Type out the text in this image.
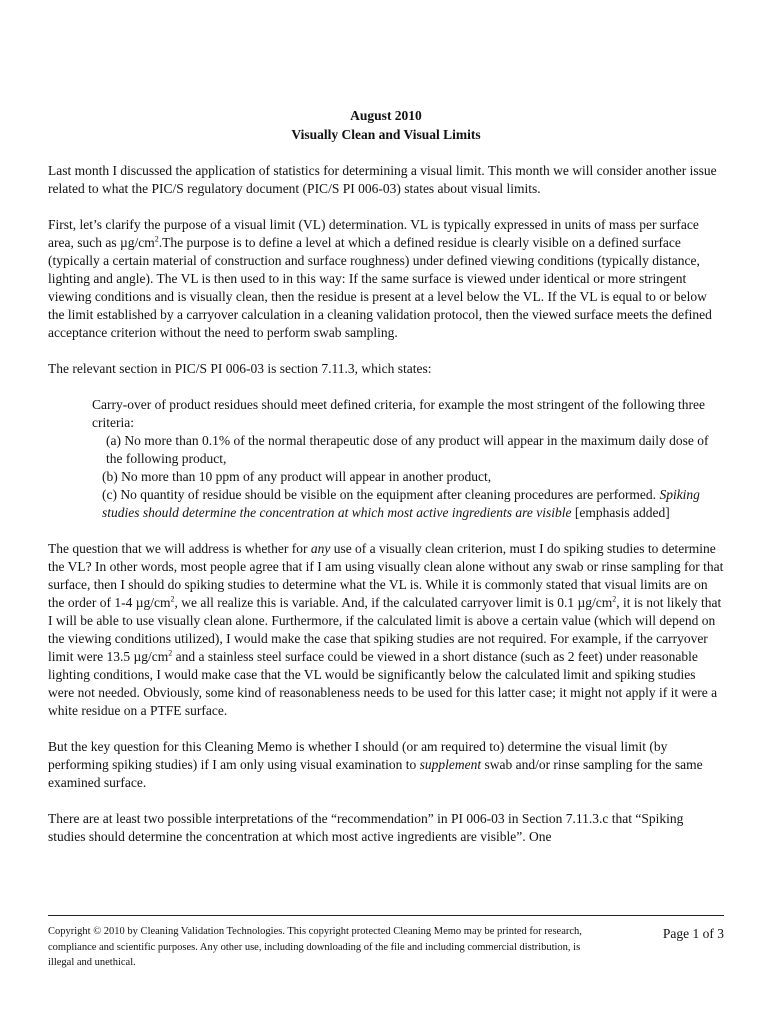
August 2010
Visually Clean and Visual Limits

Last month I discussed the application of statistics for determining a visual limit. This month we will consider another issue related to what the PIC/S regulatory document (PIC/S PI 006-03) states about visual limits.

First, let’s clarify the purpose of a visual limit (VL) determination. VL is typically expressed in units of mass per surface area, such as $\mu g/cm^2.The$ purpose is to define a level at which a defined residue is clearly visible on a defined surface (typically a certain material of construction and surface roughness) under defined viewing conditions (typically distance, lighting and angle). The VL is then used to in this way: If the same surface is viewed under identical or more stringent viewing conditions and is visually clean, then the residue is present at a level below the VL. If the VL is equal to or below the limit established by a carryover calculation in a cleaning validation protocol, then the viewed surface meets the defined acceptance criterion without the need to perform swab sampling.

The relevant section in PIC/S PI 006-03 is section 7.11.3, which states:

Carry-over of product residues should meet defined criteria, for example the most stringent of the following three criteria:

(a) No more than 0.1% of the normal therapeutic dose of any product will appear in the maximum daily dose of the following product,

(b) No more than 10 ppm of any product will appear in another product,

(c) No quantity of residue should be visible on the equipment after cleaning procedures are performed. Spiking studies should determine the concentration at which most active ingredients are visible [emphasis added]

The question that we will address is whether for any use of a visually clean criterion, must I do spiking studies to determine the VL? In other words, most people agree that if I am using visually clean alone without any swab or rinse sampling for that surface, then I should do spiking studies to determine what the VL is. While it is commonly stated that visual limits are on the order of 1-4 $\mu g/cm^2$, we all realize this is variable. And, if the calculated carryover limit is 0.1 $\mu g/cm^2$, it is not likely that I will be able to use visually clean alone. Furthermore, if the calculated limit is above a certain value (which will depend on the viewing conditions utilized), I would make the case that spiking studies are not required. For example, if the carryover limit were 13.5 $\mu g/cm^2$ and a stainless steel surface could be viewed in a short distance (such as 2 feet) under reasonable lighting conditions, I would make case that the VL would be significantly below the calculated limit and spiking studies were not needed. Obviously, some kind of reasonableness needs to be used for this latter case; it might not apply if it were a white residue on a PTFE surface.

But the key question for this Cleaning Memo is whether I should (or am required to) determine the visual limit (by performing spiking studies) if I am only using visual examination to supplement swab and/or rinse sampling for the same examined surface.

There are at least two possible interpretations of the “recommendation” in PI 006-03 in Section 7.11.3.c that “Spiking studies should determine the concentration at which most active ingredients are visible”. One

Copyright © 2010 by Cleaning Validation Technologies. This copyright protected Cleaning Memo may be printed for research, compliance and scientific purposes. Any other use, including downloading of the file and including commercial distribution, is illegal and unethical.
Page 1 of 3
